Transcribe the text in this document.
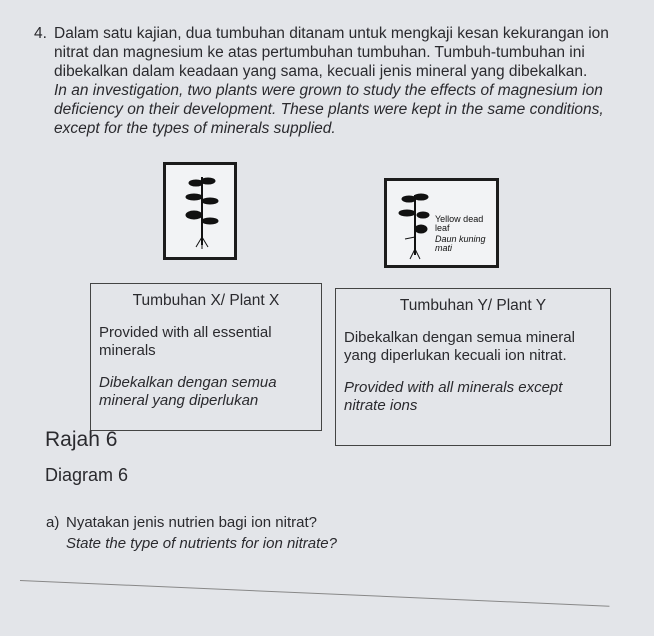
4. Dalam satu kajian, dua tumbuhan ditanam untuk mengkaji kesan kekurangan ion nitrat dan magnesium ke atas pertumbuhan tumbuhan. Tumbuh-tumbuhan ini dibekalkan dalam keadaan yang sama, kecuali jenis mineral yang dibekalkan.
In an investigation, two plants were grown to study the effects of magnesium ion deficiency on their development. These plants were kept in the same conditions, except for the types of minerals supplied.
Yellow dead leaf
Daun kuning mati
Tumbuhan X/ Plant X

Provided with all essential minerals

Dibekalkan dengan semua mineral yang diperlukan

Tumbuhan Y/ Plant Y

Dibekalkan dengan semua mineral yang diperlukan kecuali ion nitrat.

Provided with all minerals except nitrate ions

Rajah 6
Diagram 6
a) Nyatakan jenis nutrien bagi ion nitrat?
State the type of nutrients for ion nitrate?
